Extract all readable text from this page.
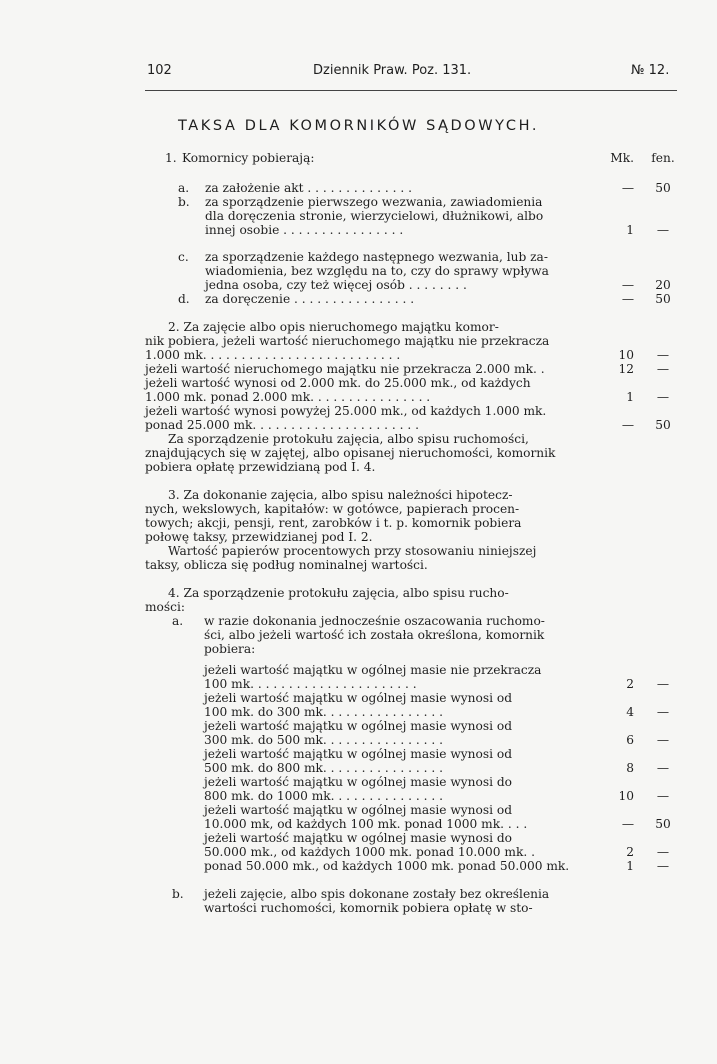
102	Dziennik Praw. Poz. 131.	№ 12.
TAKSA DLA KOMORNIKÓW SĄDOWYCH.
1. Komornicy pobierają:	Mk. fen.
a. za założenie akt . . . . . . . . . . . . . .	—	50
b. za sporządzenie pierwszego wezwania, zawiadomienia
dla doręczenia stronie, wierzycielowi, dłużnikowi, albo
innej osobie . . . . . . . . . . . . . . . .	1	—
c. za sporządzenie każdego następnego wezwania, lub za-
wiadomienia, bez względu na to, czy do sprawy wpływa
jedna osoba, czy też więcej osób . . . . . . . .	—	20
d. za doręczenie . . . . . . . . . . . . . . . .	—	50
2. Za zajęcie albo opis nieruchomego majątku komor-
nik pobiera, jeżeli wartość nieruchomego majątku nie przekracza
1.000 mk. . . . . . . . . . . . . . . . . . . . . . . . . .	10	—
jeżeli wartość nieruchomego majątku nie przekracza 2.000 mk. .	12	—
jeżeli wartość wynosi od 2.000 mk. do 25.000 mk., od każdych
1.000 mk. ponad 2.000 mk. . . . . . . . . . . . . . . .	1	—
jeżeli wartość wynosi powyżej 25.000 mk., od każdych 1.000 mk.
ponad 25.000 mk. . . . . . . . . . . . . . . . . . . . . .	—	50
Za sporządzenie protokułu zajęcia, albo spisu ruchomości,
znajdujących się w zajętej, albo opisanej nieruchomości, komornik
pobiera opłatę przewidzianą pod I. 4.
3. Za dokonanie zajęcia, albo spisu należności hipotecz-
nych, wekslowych, kapitałów: w gotówce, papierach procen-
towych; akcji, pensji, rent, zarobków i t. p. komornik pobiera
połowę taksy, przewidzianej pod I. 2.
Wartość papierów procentowych przy stosowaniu niniejszej
taksy, oblicza się podług nominalnej wartości.
4. Za sporządzenie protokułu zajęcia, albo spisu rucho-
mości:
a. w razie dokonania jednocześnie oszacowania ruchomo-
ści, albo jeżeli wartość ich została określona, komornik
pobiera:
jeżeli wartość majątku w ogólnej masie nie przekracza
100 mk. . . . . . . . . . . . . . . . . . . . . .	2	—
jeżeli wartość majątku w ogólnej masie wynosi od
100 mk. do 300 mk. . . . . . . . . . . . . . . .	4	—
jeżeli wartość majątku w ogólnej masie wynosi od
300 mk. do 500 mk. . . . . . . . . . . . . . . .	6	—
jeżeli wartość majątku w ogólnej masie wynosi od
500 mk. do 800 mk. . . . . . . . . . . . . . . .	8	—
jeżeli wartość majątku w ogólnej masie wynosi do
800 mk. do 1000 mk. . . . . . . . . . . . . . .	10	—
jeżeli wartość majątku w ogólnej masie wynosi od
10.000 mk, od każdych 100 mk. ponad 1000 mk. . . .	—	50
jeżeli wartość majątku w ogólnej masie wynosi do
50.000 mk., od każdych 1000 mk. ponad 10.000 mk. .	2	—
ponad 50.000 mk., od każdych 1000 mk. ponad 50.000 mk.	1	—
b. jeżeli zajęcie, albo spis dokonane zostały bez określenia
wartości ruchomości, komornik pobiera opłatę w sto-
